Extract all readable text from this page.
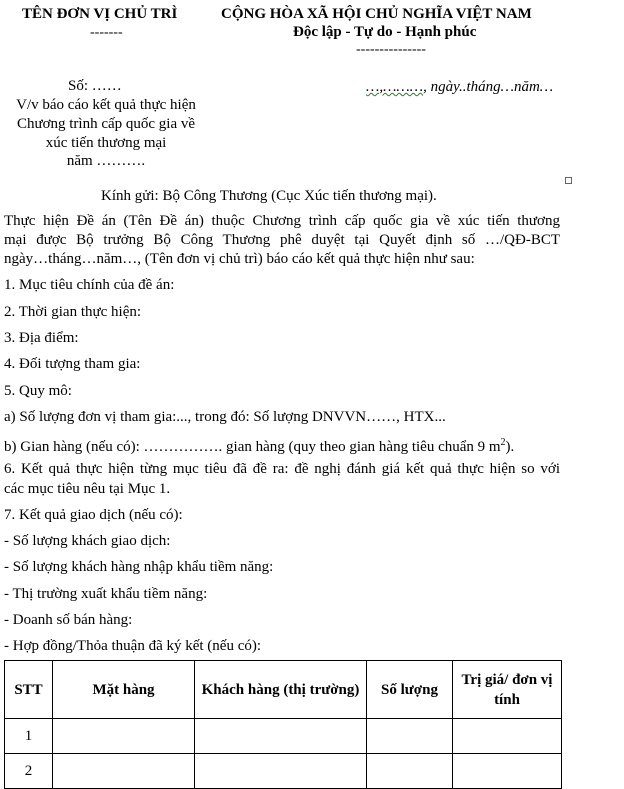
TÊN ĐƠN VỊ CHỦ TRÌ
-------
CỘNG HÒA XÃ HỘI CHỦ NGHĨA VIỆT NAM
Độc lập - Tự do - Hạnh phúc
---------------
Số: ……
V/v báo cáo kết quả thực hiện
Chương trình cấp quốc gia về
xúc tiến thương mại
năm ……….
…,………, ngày..tháng…năm…
Kính gửi: Bộ Công Thương (Cục Xúc tiến thương mại).
Thực hiện Đề án (Tên Đề án) thuộc Chương trình cấp quốc gia về xúc tiến thương
mại được Bộ trưởng Bộ Công Thương phê duyệt tại Quyết định số …/QĐ-BCT
ngày…tháng…năm…, (Tên đơn vị chủ trì) báo cáo kết quả thực hiện như sau:
1. Mục tiêu chính của đề án:
2. Thời gian thực hiện:
3. Địa điểm:
4. Đối tượng tham gia:
5. Quy mô:
a) Số lượng đơn vị tham gia:..., trong đó: Số lượng DNVVN……, HTX...
b) Gian hàng (nếu có): ……………. gian hàng (quy theo gian hàng tiêu chuẩn 9 $m^2$).
6. Kết quả thực hiện từng mục tiêu đã đề ra: đề nghị đánh giá kết quả thực hiện so với
các mục tiêu nêu tại Mục 1.
7. Kết quả giao dịch (nếu có):
- Số lượng khách giao dịch:
- Số lượng khách hàng nhập khẩu tiềm năng:
- Thị trường xuất khẩu tiềm năng:
- Doanh số bán hàng:
- Hợp đồng/Thỏa thuận đã ký kết (nếu có):
STT	Mặt hàng	Khách hàng (thị trường)	Số lượng	Trị giá/ đơn vị tính
1				
2				
